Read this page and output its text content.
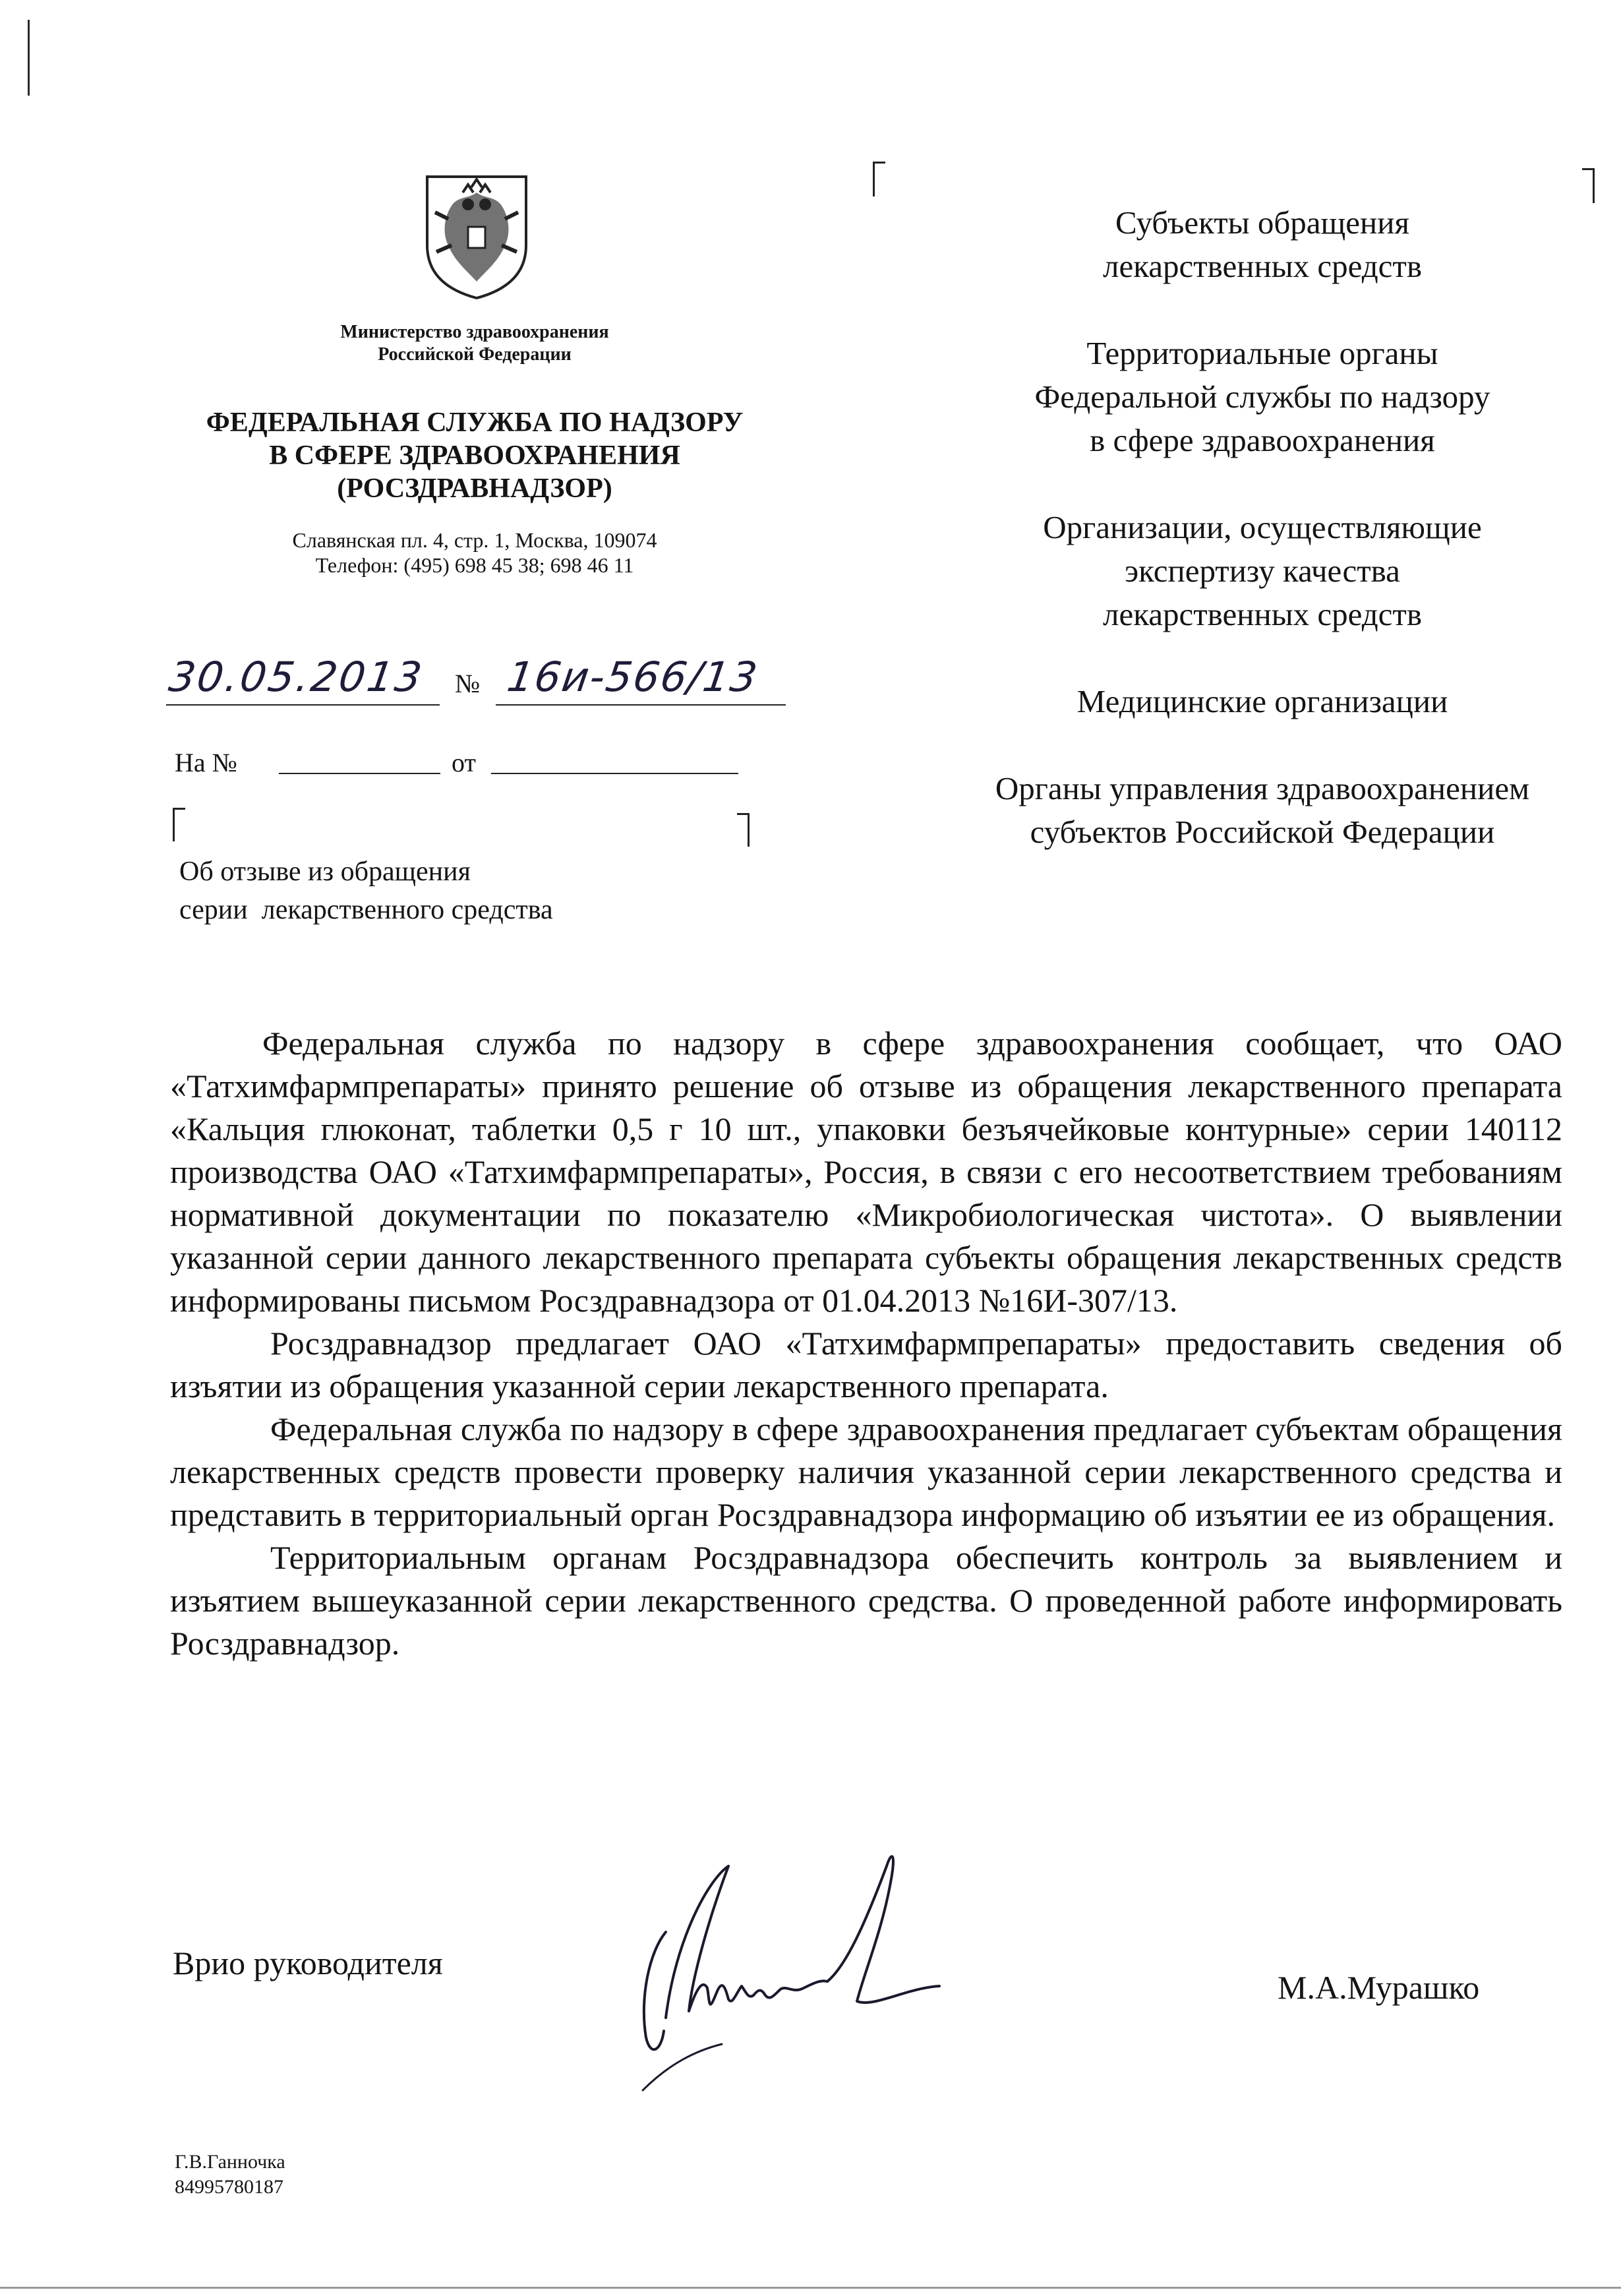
Министерство здравоохранения
Российской Федерации
ФЕДЕРАЛЬНАЯ СЛУЖБА ПО НАДЗОРУ
В СФЕРЕ ЗДРАВООХРАНЕНИЯ
(РОСЗДРАВНАДЗОР)
Славянская пл. 4, стр. 1, Москва, 109074
Телефон: (495) 698 45 38; 698 46 11
30.05.2013 № 16и-566/13
На №	от
Об отзыве из обращения
серии  лекарственного средства
Субъекты обращения
лекарственных средств
Территориальные органы
Федеральной службы по надзору
в сфере здравоохранения
Организации, осуществляющие
экспертизу качества
лекарственных средств
Медицинские организации
Органы управления здравоохранением
субъектов Российской Федерации

Федеральная служба по надзору в сфере здравоохранения сообщает, что ОАО «Татхимфармпрепараты» принято решение об отзыве из обращения лекарственного препарата «Кальция глюконат, таблетки 0,5 г 10 шт., упаковки безъячейковые контурные» серии 140112 производства ОАО «Татхимфармпрепараты», Россия, в связи с его несоответствием требованиям нормативной документации по показателю «Микробиологическая чистота». О выявлении указанной серии данного лекарственного препарата субъекты обращения лекарственных средств информированы письмом Росздравнадзора от 01.04.2013 №16И-307/13.

Росздравнадзор предлагает ОАО «Татхимфармпрепараты» предоставить сведения об изъятии из обращения указанной серии лекарственного препарата.

Федеральная служба по надзору в сфере здравоохранения предлагает субъектам обращения лекарственных средств провести проверку наличия указанной серии лекарственного средства и представить в территориальный орган Росздравнадзора информацию об изъятии ее из обращения.

Территориальным органам Росздравнадзора обеспечить контроль за выявлением и изъятием вышеуказанной серии лекарственного средства. О проведенной работе информировать Росздравнадзор.

Врио руководителя
М.А.Мурашко
Г.В.Ганночка
84995780187
